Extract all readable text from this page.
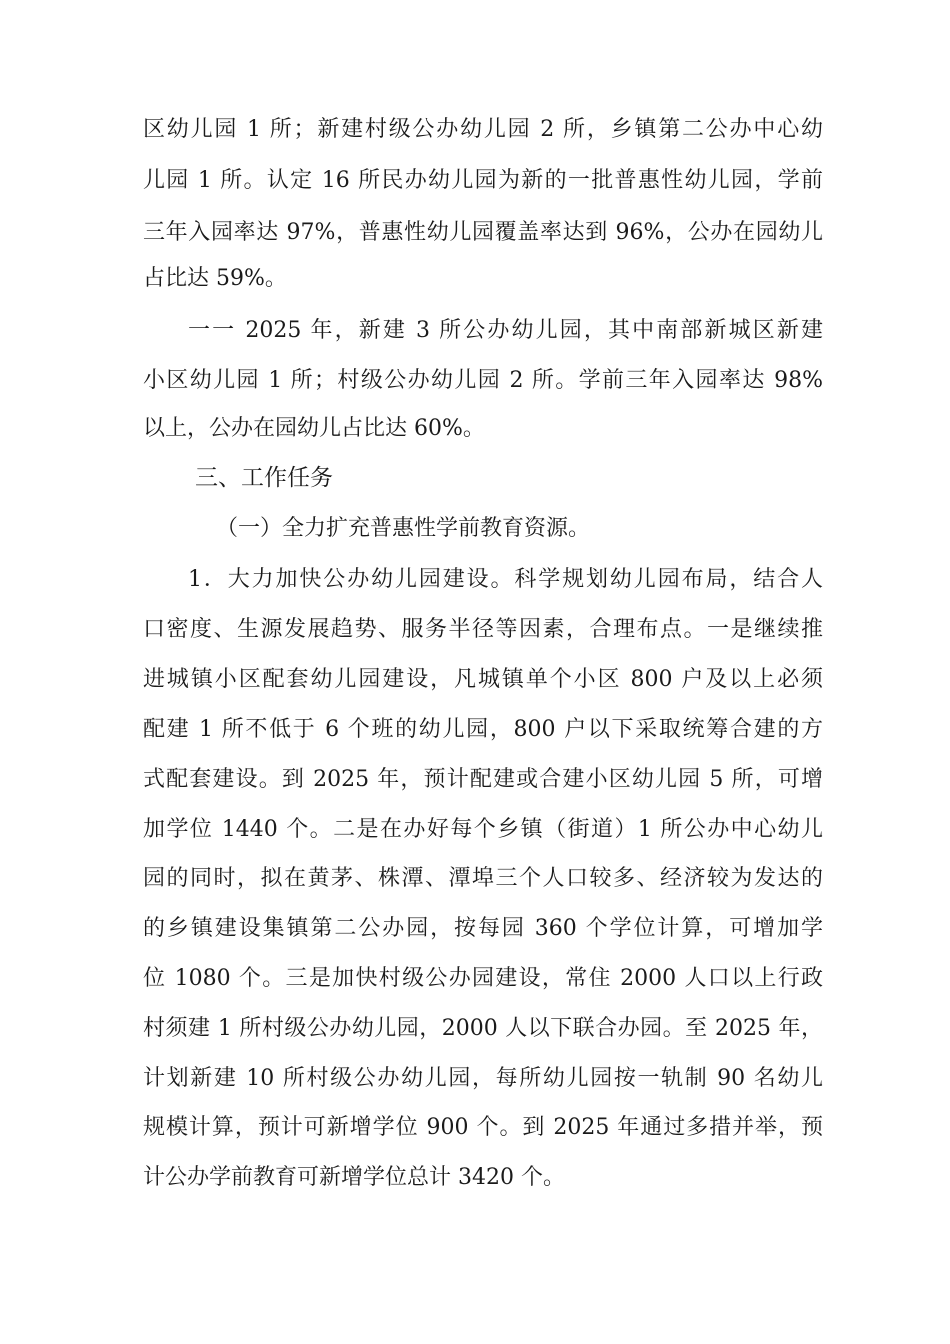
区幼儿园 1 所；新建村级公办幼儿园 2 所，乡镇第二公办中心幼
儿园 1 所。认定 16 所民办幼儿园为新的一批普惠性幼儿园，学前
三年入园率达 97%，普惠性幼儿园覆盖率达到 96%，公办在园幼儿
占比达 59%。
一一 2025 年，新建 3 所公办幼儿园，其中南部新城区新建
小区幼儿园 1 所；村级公办幼儿园 2 所。学前三年入园率达 98%
以上，公办在园幼儿占比达 60%。
三、工作任务
（一）全力扩充普惠性学前教育资源。
1．大力加快公办幼儿园建设。科学规划幼儿园布局，结合人
口密度、生源发展趋势、服务半径等因素，合理布点。一是继续推
进城镇小区配套幼儿园建设，凡城镇单个小区 800 户及以上必须
配建 1 所不低于 6 个班的幼儿园，800 户以下采取统筹合建的方
式配套建设。到 2025 年，预计配建或合建小区幼儿园 5 所，可增
加学位 1440 个。二是在办好每个乡镇（街道）1 所公办中心幼儿
园的同时，拟在黄茅、株潭、潭埠三个人口较多、经济较为发达的
的乡镇建设集镇第二公办园，按每园 360 个学位计算，可增加学
位 1080 个。三是加快村级公办园建设，常住 2000 人口以上行政
村须建 1 所村级公办幼儿园，2000 人以下联合办园。至 2025 年，
计划新建 10 所村级公办幼儿园，每所幼儿园按一轨制 90 名幼儿
规模计算，预计可新增学位 900 个。到 2025 年通过多措并举，预
计公办学前教育可新增学位总计 3420 个。
